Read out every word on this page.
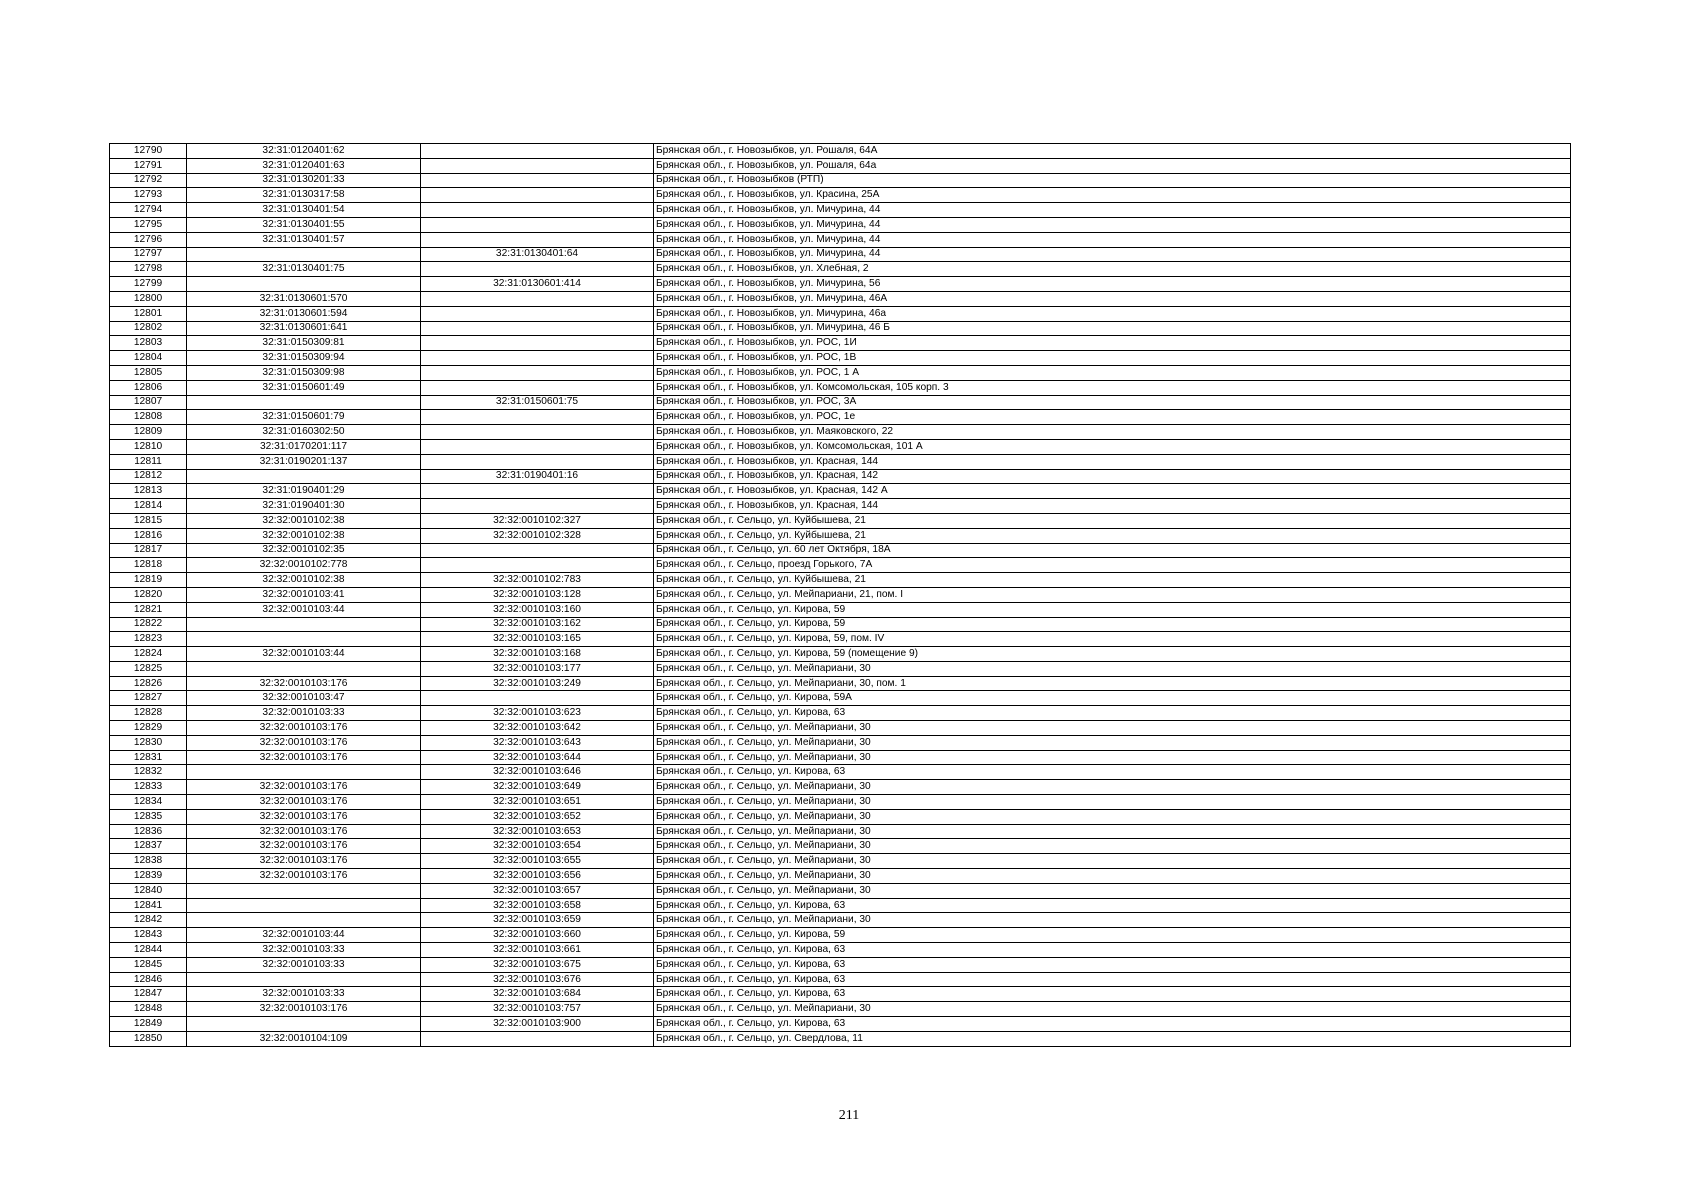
12790	32:31:0120401:62		Брянская обл., г. Новозыбков, ул. Рошаля, 64А
12791	32:31:0120401:63		Брянская обл., г. Новозыбков, ул. Рошаля, 64а
12792	32:31:0130201:33		Брянская обл., г. Новозыбков (РТП)
12793	32:31:0130317:58		Брянская обл., г. Новозыбков, ул. Красина, 25А
12794	32:31:0130401:54		Брянская обл., г. Новозыбков, ул. Мичурина, 44
12795	32:31:0130401:55		Брянская обл., г. Новозыбков, ул. Мичурина, 44
12796	32:31:0130401:57		Брянская обл., г. Новозыбков, ул. Мичурина, 44
12797		32:31:0130401:64	Брянская обл., г. Новозыбков, ул. Мичурина, 44
12798	32:31:0130401:75		Брянская обл., г. Новозыбков, ул. Хлебная, 2
12799		32:31:0130601:414	Брянская обл., г. Новозыбков, ул. Мичурина, 56
12800	32:31:0130601:570		Брянская обл., г. Новозыбков, ул. Мичурина, 46А
12801	32:31:0130601:594		Брянская обл., г. Новозыбков, ул. Мичурина, 46а
12802	32:31:0130601:641		Брянская обл., г. Новозыбков, ул. Мичурина, 46 Б
12803	32:31:0150309:81		Брянская обл., г. Новозыбков, ул. РОС, 1И
12804	32:31:0150309:94		Брянская обл., г. Новозыбков, ул. РОС, 1В
12805	32:31:0150309:98		Брянская обл., г. Новозыбков, ул. РОС, 1 А
12806	32:31:0150601:49		Брянская обл., г. Новозыбков, ул. Комсомольская, 105 корп. 3
12807		32:31:0150601:75	Брянская обл., г. Новозыбков, ул. РОС, 3А
12808	32:31:0150601:79		Брянская обл., г. Новозыбков, ул. РОС, 1е
12809	32:31:0160302:50		Брянская обл., г. Новозыбков, ул. Маяковского, 22
12810	32:31:0170201:117		Брянская обл., г. Новозыбков, ул. Комсомольская, 101 А
12811	32:31:0190201:137		Брянская обл., г. Новозыбков, ул. Красная, 144
12812		32:31:0190401:16	Брянская обл., г. Новозыбков, ул. Красная, 142
12813	32:31:0190401:29		Брянская обл., г. Новозыбков, ул. Красная, 142 А
12814	32:31:0190401:30		Брянская обл., г. Новозыбков, ул. Красная, 144
12815	32:32:0010102:38	32:32:0010102:327	Брянская обл., г. Сельцо, ул. Куйбышева, 21
12816	32:32:0010102:38	32:32:0010102:328	Брянская обл., г. Сельцо, ул. Куйбышева, 21
12817	32:32:0010102:35		Брянская обл., г. Сельцо, ул. 60 лет Октября, 18А
12818	32:32:0010102:778		Брянская обл., г. Сельцо, проезд Горького, 7А
12819	32:32:0010102:38	32:32:0010102:783	Брянская обл., г. Сельцо, ул. Куйбышева, 21
12820	32:32:0010103:41	32:32:0010103:128	Брянская обл., г. Сельцо, ул. Мейпариани, 21, пом. I
12821	32:32:0010103:44	32:32:0010103:160	Брянская обл., г. Сельцо, ул. Кирова, 59
12822		32:32:0010103:162	Брянская обл., г. Сельцо, ул. Кирова, 59
12823		32:32:0010103:165	Брянская обл., г. Сельцо, ул. Кирова, 59, пом. IV
12824	32:32:0010103:44	32:32:0010103:168	Брянская обл., г. Сельцо, ул. Кирова, 59 (помещение 9)
12825		32:32:0010103:177	Брянская обл., г. Сельцо, ул. Мейпариани, 30
12826	32:32:0010103:176	32:32:0010103:249	Брянская обл., г. Сельцо, ул. Мейпариани, 30, пом. 1
12827	32:32:0010103:47		Брянская обл., г. Сельцо, ул. Кирова, 59А
12828	32:32:0010103:33	32:32:0010103:623	Брянская обл., г. Сельцо, ул. Кирова, 63
12829	32:32:0010103:176	32:32:0010103:642	Брянская обл., г. Сельцо, ул. Мейпариани, 30
12830	32:32:0010103:176	32:32:0010103:643	Брянская обл., г. Сельцо, ул. Мейпариани, 30
12831	32:32:0010103:176	32:32:0010103:644	Брянская обл., г. Сельцо, ул. Мейпариани, 30
12832		32:32:0010103:646	Брянская обл., г. Сельцо, ул. Кирова, 63
12833	32:32:0010103:176	32:32:0010103:649	Брянская обл., г. Сельцо, ул. Мейпариани, 30
12834	32:32:0010103:176	32:32:0010103:651	Брянская обл., г. Сельцо, ул. Мейпариани, 30
12835	32:32:0010103:176	32:32:0010103:652	Брянская обл., г. Сельцо, ул. Мейпариани, 30
12836	32:32:0010103:176	32:32:0010103:653	Брянская обл., г. Сельцо, ул. Мейпариани, 30
12837	32:32:0010103:176	32:32:0010103:654	Брянская обл., г. Сельцо, ул. Мейпариани, 30
12838	32:32:0010103:176	32:32:0010103:655	Брянская обл., г. Сельцо, ул. Мейпариани, 30
12839	32:32:0010103:176	32:32:0010103:656	Брянская обл., г. Сельцо, ул. Мейпариани, 30
12840		32:32:0010103:657	Брянская обл., г. Сельцо, ул. Мейпариани, 30
12841		32:32:0010103:658	Брянская обл., г. Сельцо, ул. Кирова, 63
12842		32:32:0010103:659	Брянская обл., г. Сельцо, ул. Мейпариани, 30
12843	32:32:0010103:44	32:32:0010103:660	Брянская обл., г. Сельцо, ул. Кирова, 59
12844	32:32:0010103:33	32:32:0010103:661	Брянская обл., г. Сельцо, ул. Кирова, 63
12845	32:32:0010103:33	32:32:0010103:675	Брянская обл., г. Сельцо, ул. Кирова, 63
12846		32:32:0010103:676	Брянская обл., г. Сельцо, ул. Кирова, 63
12847	32:32:0010103:33	32:32:0010103:684	Брянская обл., г. Сельцо, ул. Кирова, 63
12848	32:32:0010103:176	32:32:0010103:757	Брянская обл., г. Сельцо, ул. Мейпариани, 30
12849		32:32:0010103:900	Брянская обл., г. Сельцо, ул. Кирова, 63
12850	32:32:0010104:109		Брянская обл., г. Сельцо, ул. Свердлова, 11
211
